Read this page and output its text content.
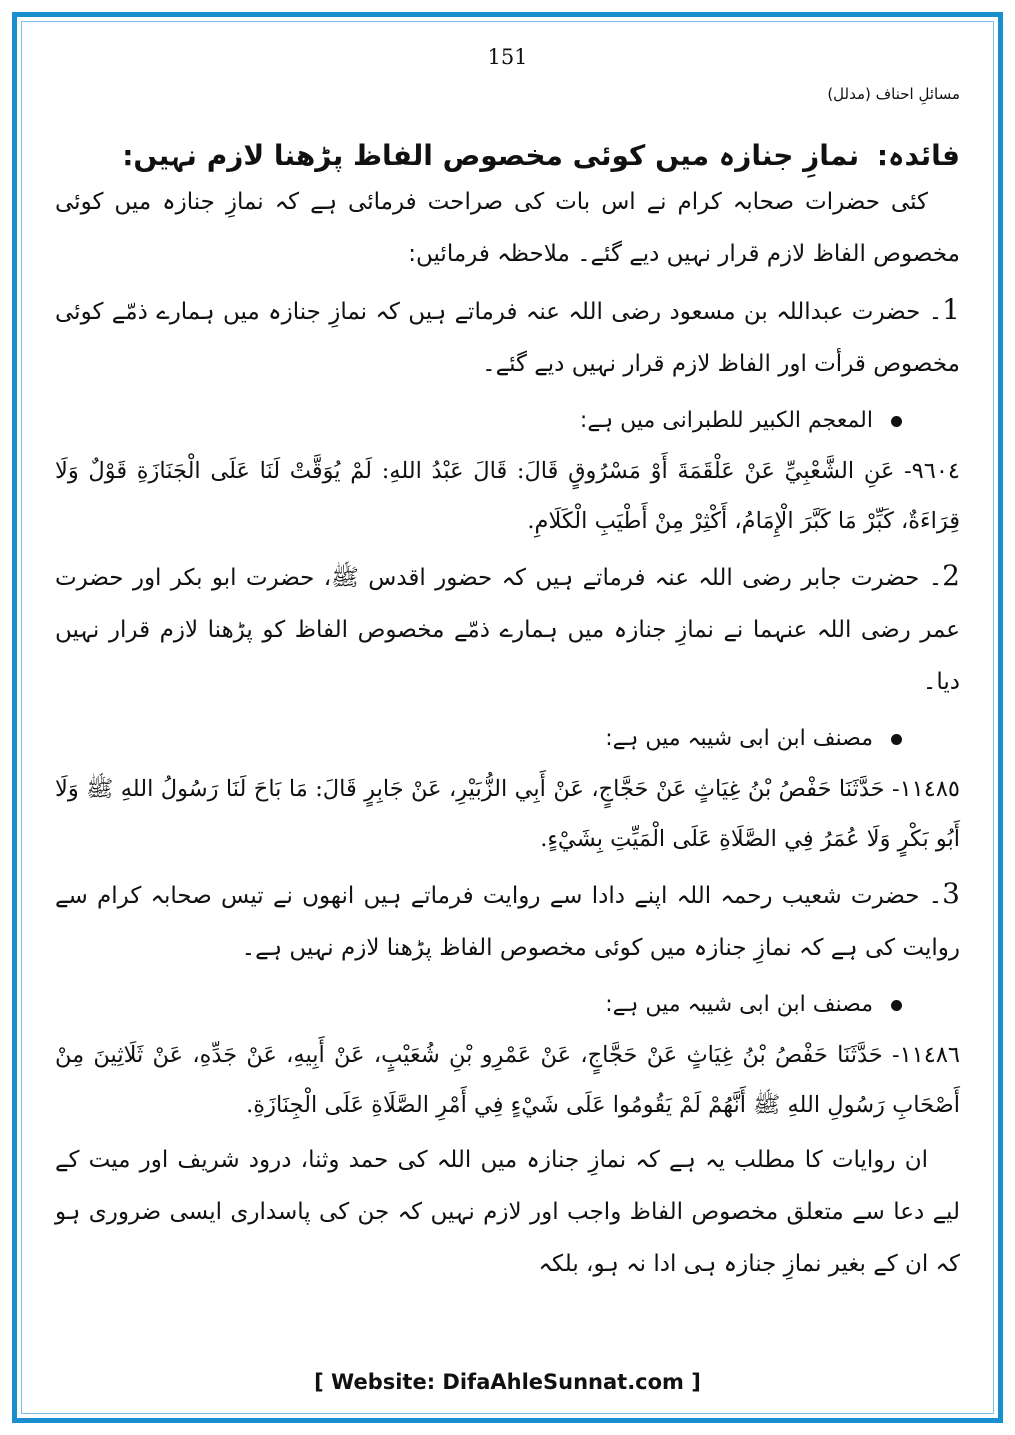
151
مسائلِ احناف (مدلل)
فائدہ: نمازِ جنازہ میں کوئی مخصوص الفاظ پڑھنا لازم نہیں:

کئی حضرات صحابہ کرام نے اس بات کی صراحت فرمائی ہے کہ نمازِ جنازہ میں کوئی مخصوص الفاظ لازم قرار نہیں دیے گئے۔ ملاحظہ فرمائیں:

1۔ حضرت عبداللہ بن مسعود رضی اللہ عنہ فرماتے ہیں کہ نمازِ جنازہ میں ہمارے ذمّے کوئی مخصوص قرأت اور الفاظ لازم قرار نہیں دیے گئے۔

المعجم الکبیر للطبرانی میں ہے:

٩٦٠٤- عَنِ الشَّعْبِيِّ عَنْ عَلْقَمَةَ أَوْ مَسْرُوقٍ قَالَ: قَالَ عَبْدُ اللهِ: لَمْ يُوَقَّتْ لَنَا عَلَى الْجَنَازَةِ قَوْلٌ وَلَا قِرَاءَةٌ، كَبِّرْ مَا كَبَّرَ الْإِمَامُ، أَكْثِرْ مِنْ أَطْيَبِ الْكَلَامِ.

2۔ حضرت جابر رضی اللہ عنہ فرماتے ہیں کہ حضور اقدس ﷺ، حضرت ابو بکر اور حضرت عمر رضی اللہ عنہما نے نمازِ جنازہ میں ہمارے ذمّے مخصوص الفاظ کو پڑھنا لازم قرار نہیں دیا۔

مصنف ابن ابی شیبہ میں ہے:

١١٤٨٥- حَدَّثَنَا حَفْصُ بْنُ غِيَاثٍ عَنْ حَجَّاجٍ، عَنْ أَبِي الزُّبَيْرِ، عَنْ جَابِرٍ قَالَ: مَا بَاحَ لَنَا رَسُولُ اللهِ ﷺ وَلَا أَبُو بَكْرٍ وَلَا عُمَرُ فِي الصَّلَاةِ عَلَى الْمَيِّتِ بِشَيْءٍ.

3۔ حضرت شعیب رحمہ اللہ اپنے دادا سے روایت فرماتے ہیں انھوں نے تیس صحابہ کرام سے روایت کی ہے کہ نمازِ جنازہ میں کوئی مخصوص الفاظ پڑھنا لازم نہیں ہے۔

مصنف ابن ابی شیبہ میں ہے:

١١٤٨٦- حَدَّثَنَا حَفْصُ بْنُ غِيَاثٍ عَنْ حَجَّاجٍ، عَنْ عَمْرِو بْنِ شُعَيْبٍ، عَنْ أَبِيهِ، عَنْ جَدِّهِ، عَنْ ثَلَاثِينَ مِنْ أَصْحَابِ رَسُولِ اللهِ ﷺ أَنَّهُمْ لَمْ يَقُومُوا عَلَى شَيْءٍ فِي أَمْرِ الصَّلَاةِ عَلَى الْجِنَازَةِ.

ان روایات کا مطلب یہ ہے کہ نمازِ جنازہ میں اللہ کی حمد وثنا، درود شریف اور میت کے لیے دعا سے متعلق مخصوص الفاظ واجب اور لازم نہیں کہ جن کی پاسداری ایسی ضروری ہو کہ ان کے بغیر نمازِ جنازہ ہی ادا نہ ہو، بلکہ

[ Website: DifaAhleSunnat.com ]
